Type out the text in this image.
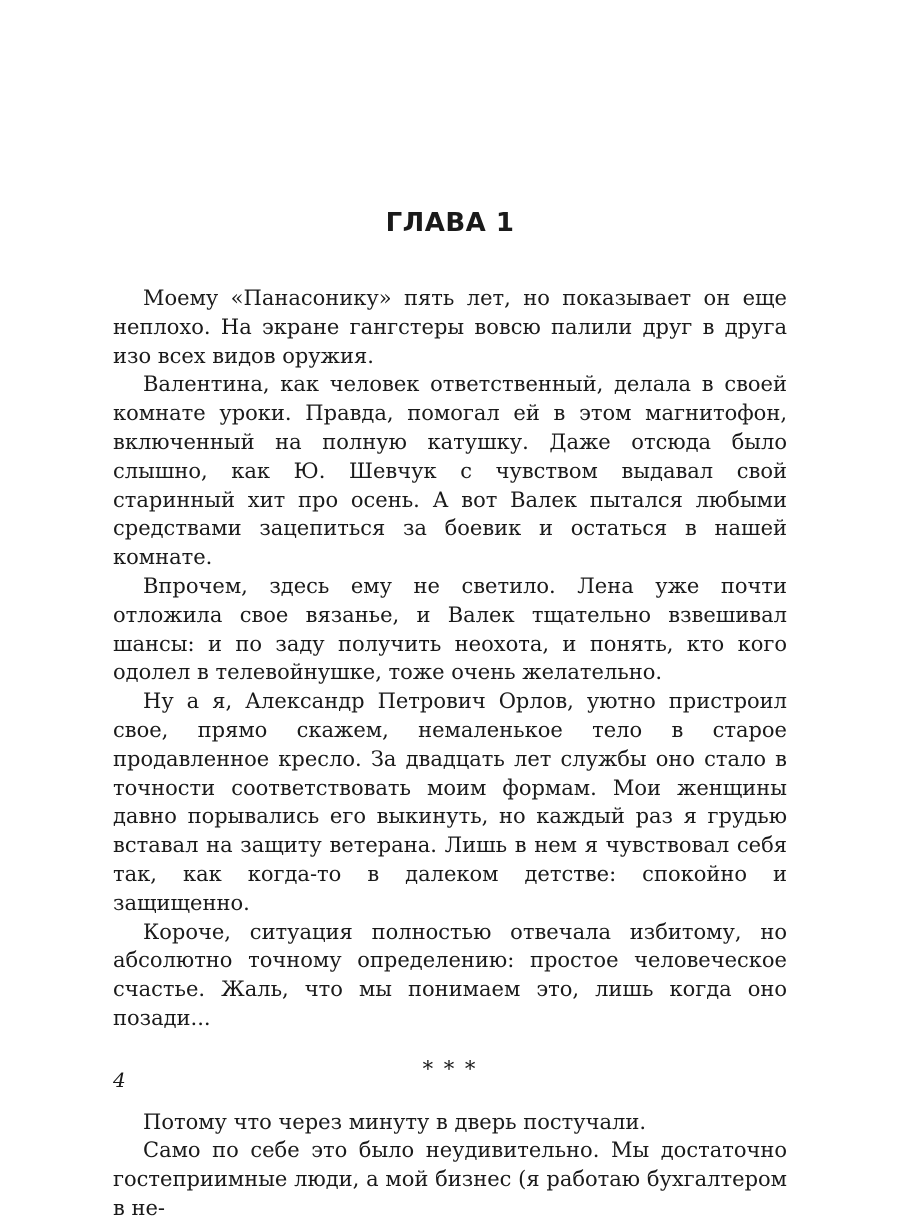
ГЛАВА 1

Моему «Панасонику» пять лет, но показывает он еще неплохо. На экране гангстеры вовсю палили друг в друга изо всех видов оружия.

Валентина, как человек ответственный, делала в своей комнате уроки. Правда, помогал ей в этом магнитофон, включенный на полную катушку. Даже отсюда было слышно, как Ю. Шевчук с чувством выдавал свой старинный хит про осень. А вот Валек пытался любыми средствами зацепиться за боевик и остаться в нашей комнате.

Впрочем, здесь ему не светило. Лена уже почти отложила свое вязанье, и Валек тщательно взвешивал шансы: и по заду получить неохота, и понять, кто кого одолел в телевойнушке, тоже очень желательно.

Ну а я, Александр Петрович Орлов, уютно пристроил свое, прямо скажем, немаленькое тело в старое продавленное кресло. За двадцать лет службы оно стало в точности соответствовать моим формам. Мои женщины давно порывались его выкинуть, но каждый раз я грудью вставал на защиту ветерана. Лишь в нем я чувствовал себя так, как когда-то в далеком детстве: спокойно и защищенно.

Короче, ситуация полностью отвечала избитому, но абсолютно точному определению: простое человеческое счастье. Жаль, что мы понимаем это, лишь когда оно позади...

* * *

Потому что через минуту в дверь постучали.

Само по себе это было неудивительно. Мы достаточно гостеприимные люди, а мой бизнес (я работаю бухгалтером в не-

4
